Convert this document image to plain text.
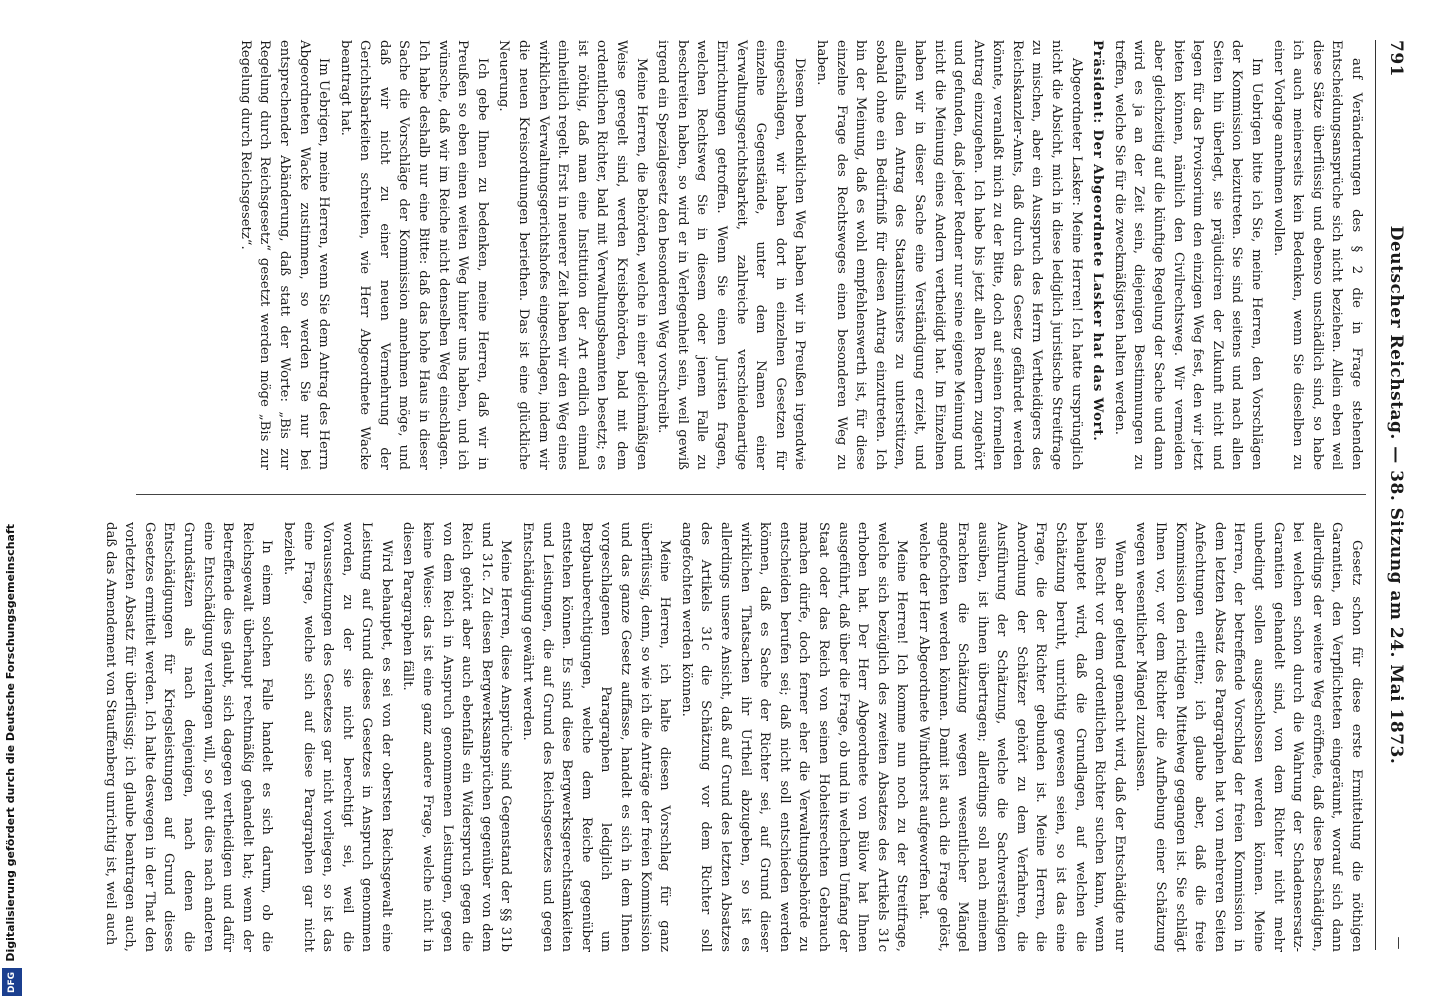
Digitalisierung gefördert durch die Deutsche Forschungsgemeinschaft
DFG
791
Deutscher Reichstag. — 38. Sitzung am 24. Mai 1873.
—

auf Veränderungen des § 2 die in Frage stehenden Entscheidungsansprüche sich nicht beziehen. Allein eben weil diese Sätze überflüssig und ebenso unschädlich sind, so habe ich auch meinerseits kein Bedenken, wenn Sie dieselben zu einer Vorlage annehmen wollen.

Im Uebrigen bitte ich Sie, meine Herren, den Vorschlägen der Kommission beizutreten. Sie sind seitens und nach allen Seiten hin überlegt, sie präjudiciren der Zukunft nicht und legen für das Provisorium den einzigen Weg fest, den wir jetzt bieten können, nämlich den Civilrechtsweg. Wir vermeiden aber gleichzeitig auf die künftige Regelung der Sache und dann wird es ja an der Zeit sein, diejenigen Bestimmungen zu treffen, welche Sie für die zweckmäßigsten halten werden.

Präsident: Der Abgeordnete Lasker hat das Wort.

Abgeordneter Lasker: Meine Herren! Ich hatte ursprünglich nicht die Absicht, mich in diese lediglich juristische Streitfrage zu mischen, aber ein Ausspruch des Herrn Vertheidigers des Reichskanzler-Amts, daß durch das Gesetz gefährdet werden könnte, veranlaßt mich zu der Bitte, doch auf seinen formellen Antrag einzugehen. Ich habe bis jetzt allen Rednern zugehört und gefunden, daß jeder Redner nur seine eigene Meinung und nicht die Meinung eines Andern vertheidigt hat. Im Einzelnen haben wir in dieser Sache eine Verständigung erzielt, und allenfalls den Antrag des Staatsministers zu unterstützen, sobald ohne ein Bedürfniß für diesen Antrag einzutreten. Ich bin der Meinung, daß es wohl empfehlenswerth ist, für diese einzelne Frage des Rechtsweges einen besonderen Weg zu haben.

Diesem bedenklichen Weg haben wir in Preußen irgendwie eingeschlagen, wir haben dort in einzelnen Gesetzen für einzelne Gegenstände, unter dem Namen einer Verwaltungsgerichtsbarkeit, zahlreiche verschiedenartige Einrichtungen getroffen. Wenn Sie einen Juristen fragen, welchen Rechtsweg Sie in diesem oder jenem Falle zu beschreiten haben, so wird er in Verlegenheit sein, weil gewiß irgend ein Spezialgesetz den besonderen Weg vorschreibt.

Meine Herren, die Behörden, welche in einer gleichmäßigen Weise geregelt sind, werden Kreisbehörden, bald mit dem ordentlichen Richter, bald mit Verwaltungsbeamten besetzt; es ist nöthig, daß man eine Institution der Art endlich einmal einheitlich regelt. Erst in neuerer Zeit haben wir den Weg eines wirklichen Verwaltungsgerichtshofes eingeschlagen, indem wir die neuen Kreisordnungen beriethen. Das ist eine glückliche Neuerung.

Ich gebe Ihnen zu bedenken, meine Herren, daß wir in Preußen so eben einen weiten Weg hinter uns haben, und ich wünsche, daß wir im Reiche nicht denselben Weg einschlagen. Ich habe deshalb nur eine Bitte: daß das hohe Haus in dieser Sache die Vorschläge der Kommission annehmen möge, und daß wir nicht zu einer neuen Vermehrung der Gerichtsbarkeiten schreiten, wie Herr Abgeordnete Wacke beantragt hat.

Im Uebrigen, meine Herren, wenn Sie dem Antrag des Herrn Abgeordneten Wacke zustimmen, so werden Sie nur bei entsprechender Abänderung, daß statt der Worte: „Bis zur Regelung durch Reichsgesetz“ gesetzt werden möge „Bis zur Regelung durch Reichsgesetz“.

Gesetz schon für diese erste Ermittelung die nöthigen Garantien, den Verpflichteten eingeräumt, worauf sich dann allerdings der weitere Weg eröffnete, daß diese Beschädigten, bei welchen schon durch die Wahrung der Schadensersatz-Garantien gehandelt sind, von dem Richter nicht mehr unbedingt sollen ausgeschlossen werden können. Meine Herren, der betreffende Vorschlag der freien Kommission in dem letzten Absatz des Paragraphen hat von mehreren Seiten Anfechtungen erlitten; ich glaube aber, daß die freie Kommission den richtigen Mittelweg gegangen ist. Sie schlägt Ihnen vor, vor dem Richter die Aufhebung einer Schätzung wegen wesentlicher Mängel zuzulassen.

Wenn aber geltend gemacht wird, daß der Entschädigte nur sein Recht vor dem ordentlichen Richter suchen kann, wenn behauptet wird, daß die Grundlagen, auf welchen die Schätzung beruht, unrichtig gewesen seien, so ist das eine Frage, die der Richter gebunden ist. Meine Herren, die Anordnung der Schätzer gehört zu dem Verfahren, die Ausführung der Schätzung, welche die Sachverständigen ausüben, ist ihnen übertragen; allerdings soll nach meinem Erachten die Schätzung wegen wesentlicher Mängel angefochten werden können. Damit ist auch die Frage gelöst, welche der Herr Abgeordnete Windthorst aufgeworfen hat.

Meine Herren! Ich komme nun noch zu der Streitfrage, welche sich bezüglich des zweiten Absatzes des Artikels 31c erhoben hat. Der Herr Abgeordnete von Bülow hat Ihnen ausgeführt, daß über die Frage, ob und in welchem Umfang der Staat oder das Reich von seinen Hoheitsrechten Gebrauch machen dürfe, doch ferner eher die Verwaltungsbehörde zu entscheiden berufen sei; daß nicht soll entschieden werden können, daß es Sache der Richter sei, auf Grund dieser wirklichen Thatsachen ihr Urtheil abzugeben, so ist es allerdings unsere Ansicht, daß auf Grund des letzten Absatzes des Artikels 31c die Schätzung vor dem Richter soll angefochten werden können.

Meine Herren, ich halte diesen Vorschlag für ganz überflüssig, denn, so wie ich die Anträge der freien Kommission und das ganze Gesetz auffasse, handelt es sich in dem Ihnen vorgeschlagenen Paragraphen lediglich um Bergbauberechtigungen, welche dem Reiche gegenüber entstehen können. Es sind diese Bergwerksgerechtsamkeiten und Leistungen, die auf Grund des Reichsgesetzes und gegen Entschädigung gewährt werden.

Meine Herren, diese Ansprüche sind Gegenstand der §§ 31b und 31c. Zu diesen Bergwerksansprüchen gegenüber von dem Reich gehört aber auch ebenfalls ein Widerspruch gegen die von dem Reich in Anspruch genommenen Leistungen, gegen keine Weise: das ist eine ganz andere Frage, welche nicht in diesen Paragraphen fällt.

Wird behauptet, es sei von der obersten Reichsgewalt eine Leistung auf Grund dieses Gesetzes in Anspruch genommen worden, zu der sie nicht berechtigt sei, weil die Voraussetzungen des Gesetzes gar nicht vorliegen, so ist das eine Frage, welche sich auf diese Paragraphen gar nicht bezieht.

In einem solchen Falle handelt es sich darum, ob die Reichsgewalt überhaupt rechtmäßig gehandelt hat; wenn der Betreffende dies glaubt, sich dagegen vertheidigen und dafür eine Entschädigung verlangen will, so geht dies nach anderen Grundsätzen als nach denjenigen, nach denen die Entschädigungen für Kriegsleistungen auf Grund dieses Gesetzes ermittelt werden. Ich halte deswegen in der That den vorletzten Absatz für überflüssig; ich glaube beantragen auch, daß das Amendement von Stauffenberg unrichtig ist, weil auch
